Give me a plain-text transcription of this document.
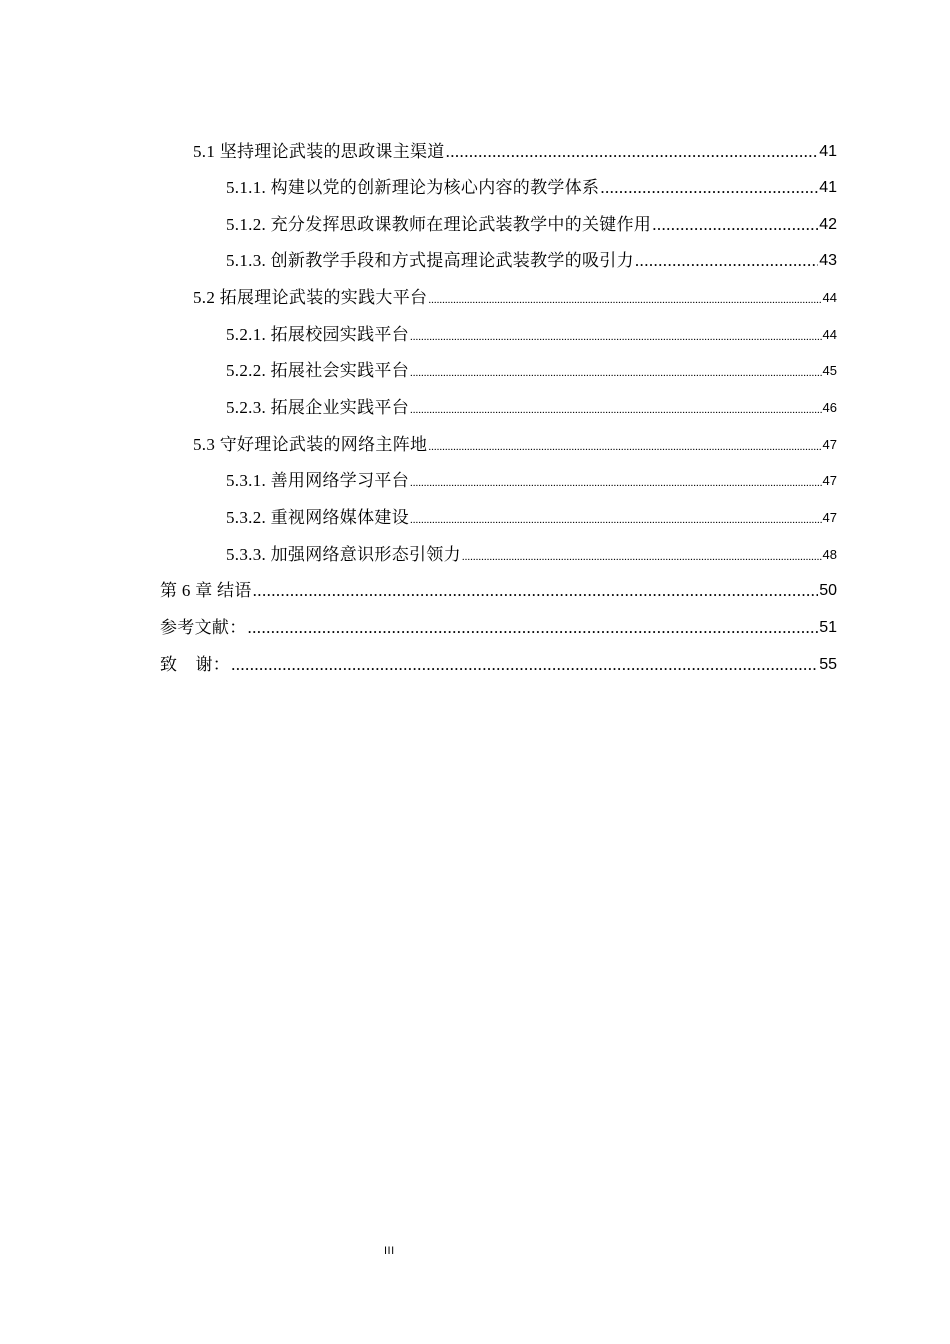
5.1 坚持理论武装的思政课主渠道 .....	41
5.1.1. 构建以党的创新理论为核心内容的教学体系 .....	41
5.1.2. 充分发挥思政课教师在理论武装教学中的关键作用 .....	42
5.1.3. 创新教学手段和方式提高理论武装教学的吸引力 .....	43
5.2 拓展理论武装的实践大平台 .....	44
5.2.1. 拓展校园实践平台 .....	44
5.2.2. 拓展社会实践平台 .....	45
5.2.3. 拓展企业实践平台 .....	46
5.3 守好理论武装的网络主阵地 .....	47
5.3.1. 善用网络学习平台 .....	47
5.3.2. 重视网络媒体建设 .....	47
5.3.3. 加强网络意识形态引领力 .....	48
第 6 章 结语 .....	50
参考文献： .....	51
致    谢： .....	55
III
